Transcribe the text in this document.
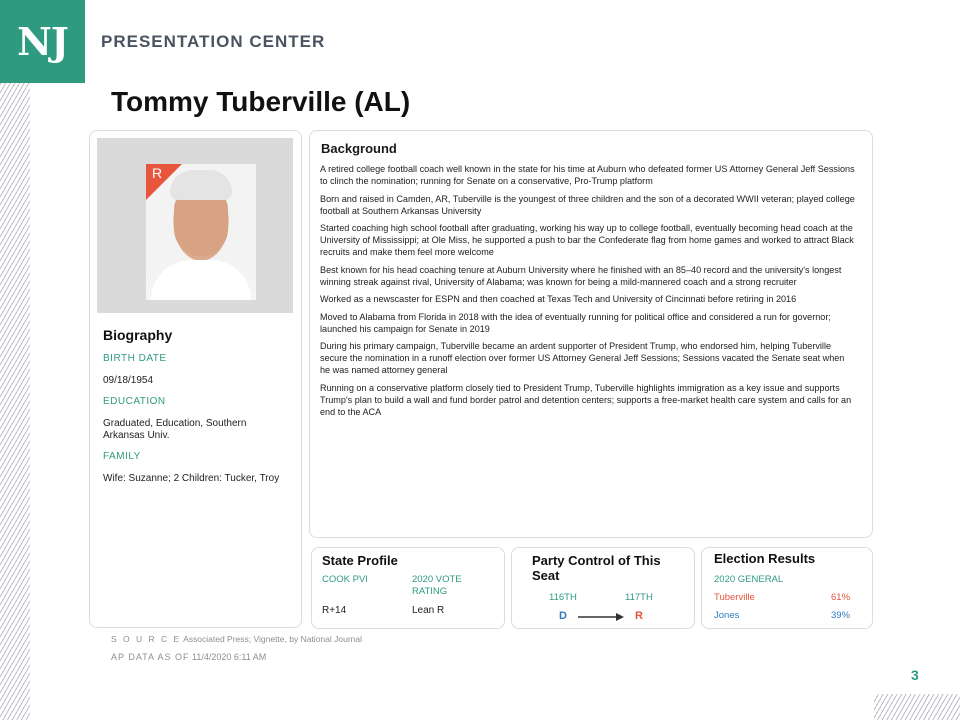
NJ	PRESENTATION CENTER
Tommy Tuberville (AL)
R
Biography
BIRTH DATE
09/18/1954
EDUCATION
Graduated, Education, Southern Arkansas Univ.
FAMILY
Wife: Suzanne; 2 Children: Tucker, Troy
Background

A retired college football coach well known in the state for his time at Auburn who defeated former US Attorney General Jeff Sessions to clinch the nomination; running for Senate on a conservative, Pro-Trump platform

Born and raised in Camden, AR, Tuberville is the youngest of three children and the son of a decorated WWII veteran; played college football at Southern Arkansas University

Started coaching high school football after graduating, working his way up to college football, eventually becoming head coach at the University of Mississippi; at Ole Miss, he supported a push to bar the Confederate flag from home games and worked to attract Black recruits and make them feel more welcome

Best known for his head coaching tenure at Auburn University where he finished with an 85–40 record and the university's longest winning streak against rival, University of Alabama; was known for being a mild-mannered coach and a strong recruiter

Worked as a newscaster for ESPN and then coached at Texas Tech and University of Cincinnati before retiring in 2016

Moved to Alabama from Florida in 2018 with the idea of eventually running for political office and considered a run for governor; launched his campaign for Senate in 2019

During his primary campaign, Tuberville became an ardent supporter of President Trump, who endorsed him, helping Tuberville secure the nomination in a runoff election over former US Attorney General Jeff Sessions; Sessions vacated the Senate seat when he was named attorney general

Running on a conservative platform closely tied to President Trump, Tuberville highlights immigration as a key issue and supports Trump's plan to build a wall and fund border patrol and detention centers; supports a free-market health care system and calls for an end to the ACA

State Profile
COOK PVI	2020 VOTE RATING
R+14	Lean R
Party Control of This Seat
116TH	117TH
D	R
Election Results
2020 GENERAL
Tuberville	61%
Jones	39%
S O U R C E Associated Press; Vignette, by National Journal
AP DATA AS OF 11/4/2020 6:11 AM
3
